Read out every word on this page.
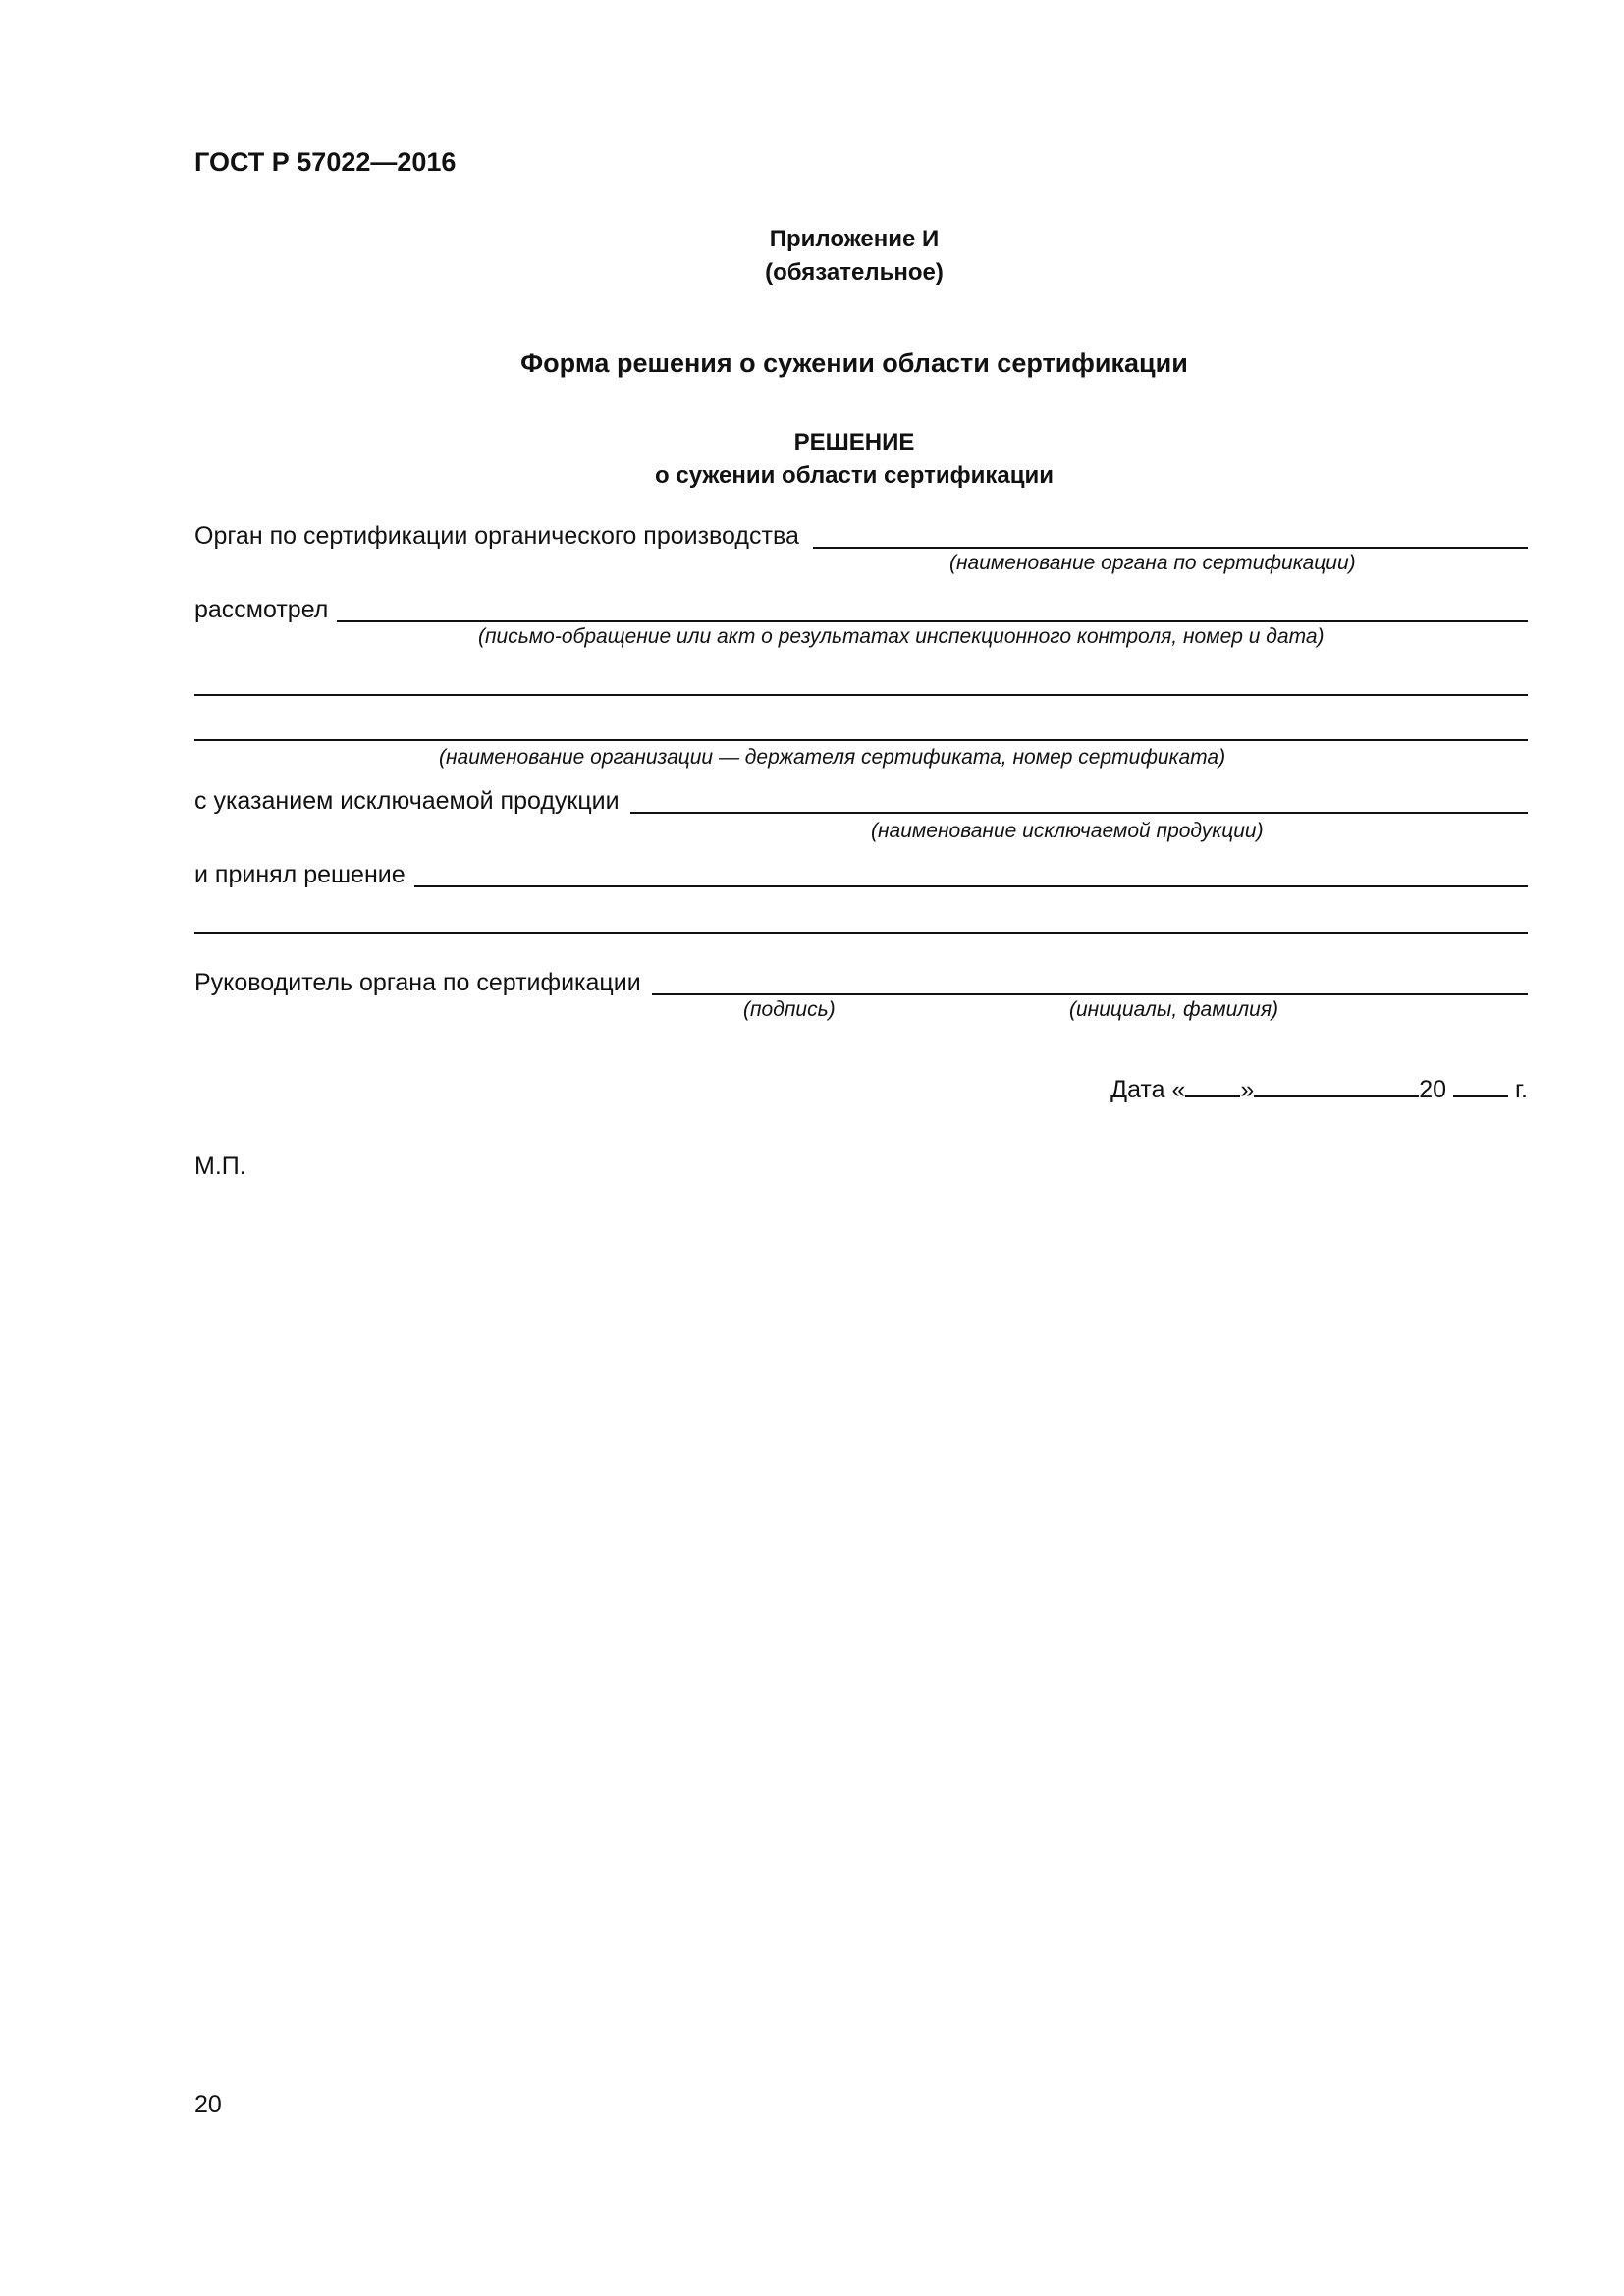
ГОСТ Р 57022—2016
Приложение И
(обязательное)
Форма решения о сужении области сертификации
РЕШЕНИЕ
о сужении области сертификации
Орган по сертификации органического производства
(наименование органа по сертификации)
рассмотрел
(письмо-обращение или акт о результатах инспекционного контроля, номер и дата)
(наименование организации — держателя сертификата, номер сертификата)
с указанием исключаемой продукции
(наименование исключаемой продукции)
и принял решение
Руководитель органа по сертификации
(подпись)	(инициалы, фамилия)
Дата « »	20	г.
М.П.
20
